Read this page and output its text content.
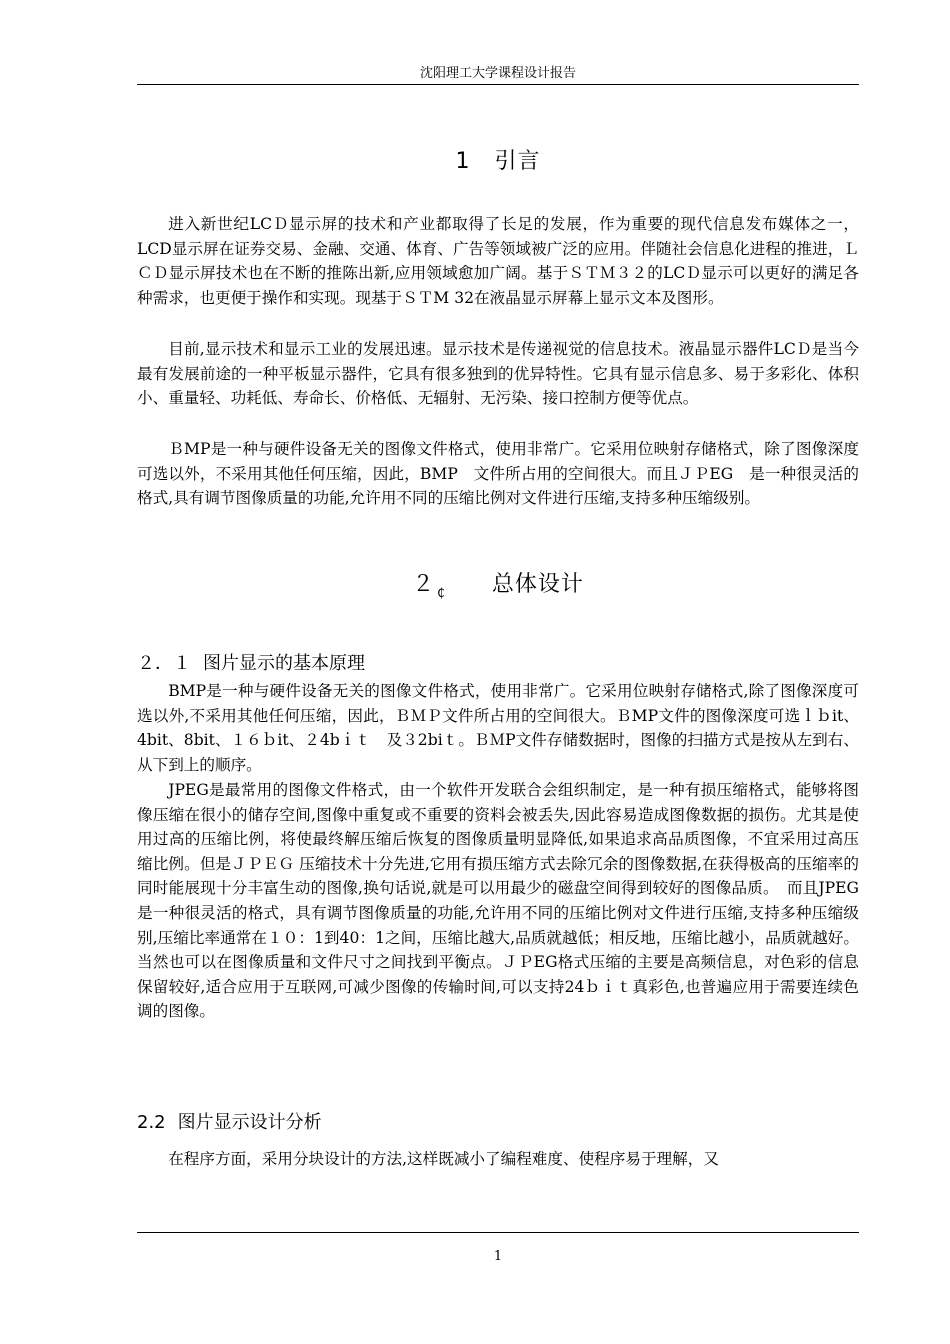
沈阳理工大学课程设计报告
1 引言

进入新世纪LCＤ显示屏的技术和产业都取得了长足的发展，作为重要的现代信息发布媒体之一，LCD显示屏在证券交易、金融、交通、体育、广告等领域被广泛的应用。伴随社会信息化进程的推进，ＬＣＤ显示屏技术也在不断的推陈出新,应用领域愈加广阔。基于ＳＴＭ３２的LCＤ显示可以更好的满足各种需求，也更便于操作和实现。现基于ＳＴM 32在液晶显示屏幕上显示文本及图形。

目前,显示技术和显示工业的发展迅速。显示技术是传递视觉的信息技术。液晶显示器件LCＤ是当今最有发展前途的一种平板显示器件，它具有很多独到的优异特性。它具有显示信息多、易于多彩化、体积小、重量轻、功耗低、寿命长、价格低、无辐射、无污染、接口控制方便等优点。

ＢMP是一种与硬件设备无关的图像文件格式，使用非常广。它采用位映射存储格式，除了图像深度可选以外，不采用其他任何压缩，因此，BMP　文件所占用的空间很大。而且ＪＰEG　是一种很灵活的格式,具有调节图像质量的功能,允许用不同的压缩比例对文件进行压缩,支持多种压缩级别。

２ $_₵$ 总体设计
２．１ 图片显示的基本原理

BMP是一种与硬件设备无关的图像文件格式，使用非常广。它采用位映射存储格式,除了图像深度可选以外,不采用其他任何压缩，因此，ＢＭＰ文件所占用的空间很大。ＢMP文件的图像深度可选ｌｂit、4bit、8bit、１６ｂit、２4bｉｔ　及３2biｔ。ＢＭP文件存储数据时，图像的扫描方式是按从左到右、从下到上的顺序。

JPEG是最常用的图像文件格式，由一个软件开发联合会组织制定，是一种有损压缩格式，能够将图像压缩在很小的储存空间,图像中重复或不重要的资料会被丢失,因此容易造成图像数据的损伤。尤其是使用过高的压缩比例，将使最终解压缩后恢复的图像质量明显降低,如果追求高品质图像，不宜采用过高压缩比例。但是ＪＰＥＧ 压缩技术十分先进,它用有损压缩方式去除冗余的图像数据,在获得极高的压缩率的同时能展现十分丰富生动的图像,换句话说,就是可以用最少的磁盘空间得到较好的图像品质。　而且JPEG是一种很灵活的格式，具有调节图像质量的功能,允许用不同的压缩比例对文件进行压缩,支持多种压缩级别,压缩比率通常在１０：1到40：1之间，压缩比越大,品质就越低；相反地，压缩比越小，品质就越好。当然也可以在图像质量和文件尺寸之间找到平衡点。ＪＰEG格式压缩的主要是高频信息，对色彩的信息保留较好,适合应用于互联网,可减少图像的传输时间,可以支持24ｂｉｔ真彩色,也普遍应用于需要连续色调的图像。

2.2 图片显示设计分析

在程序方面，采用分块设计的方法,这样既减小了编程难度、使程序易于理解，又

1
